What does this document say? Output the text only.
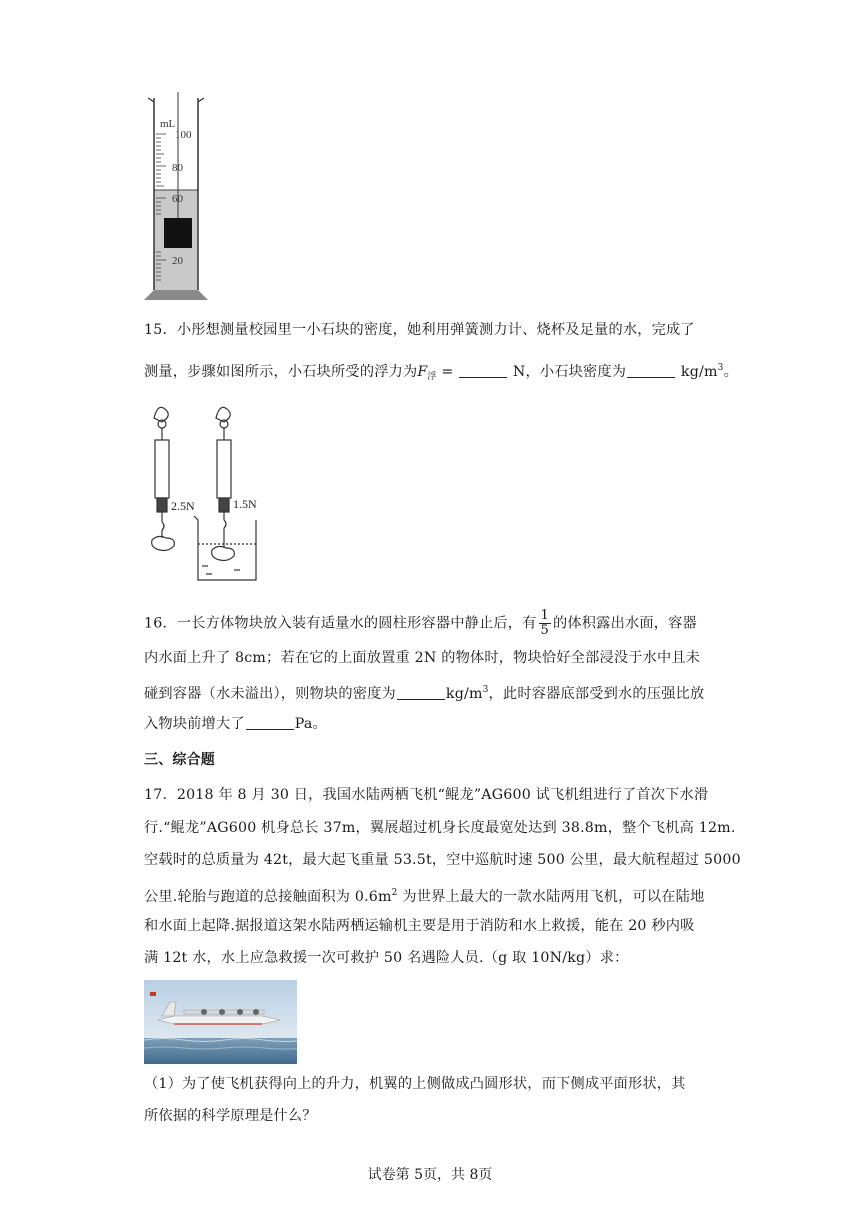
mL
100
80
60
20
15．小彤想测量校园里一小石块的密度，她利用弹簧测力计、烧杯及足量的水，完成了
测量，步骤如图所示，小石块所受的浮力为$F_浮$ =	N，小石块密度为	$kg/m^3$。
2.5N	1.5N
16．一长方体物块放入装有适量水的圆柱形容器中静止后，有 $\frac{1}{5}$ 的体积露出水面，容器
内水面上升了 8cm；若在它的上面放置重 2N 的物体时，物块恰好全部浸没于水中且未
碰到容器（水未溢出），则物块的密度为	$kg/m^3$，此时容器底部受到水的压强比放
入物块前增大了	Pa。
三、综合题
17．2018 年 8 月 30 日，我国水陆两栖飞机“鲲龙”AG600 试飞机组进行了首次下水滑
行.“鲲龙”AG600 机身总长 37m，翼展超过机身长度最宽处达到 38.8m，整个飞机高 12m.
空载时的总质量为 42t，最大起飞重量 53.5t，空中巡航时速 500 公里，最大航程超过 5000
公里.轮胎与跑道的总接触面积为 $0.6m^2$ 为世界上最大的一款水陆两用飞机，可以在陆地
和水面上起降.据报道这架水陆两栖运输机主要是用于消防和水上救援，能在 20 秒内吸
满 12t 水，水上应急救援一次可救护 50 名遇险人员.（g 取 10N/kg）求：
（1）为了使飞机获得向上的升力，机翼的上侧做成凸圆形状，而下侧成平面形状，其
所依据的科学原理是什么？
试卷第 5页，共 8页
